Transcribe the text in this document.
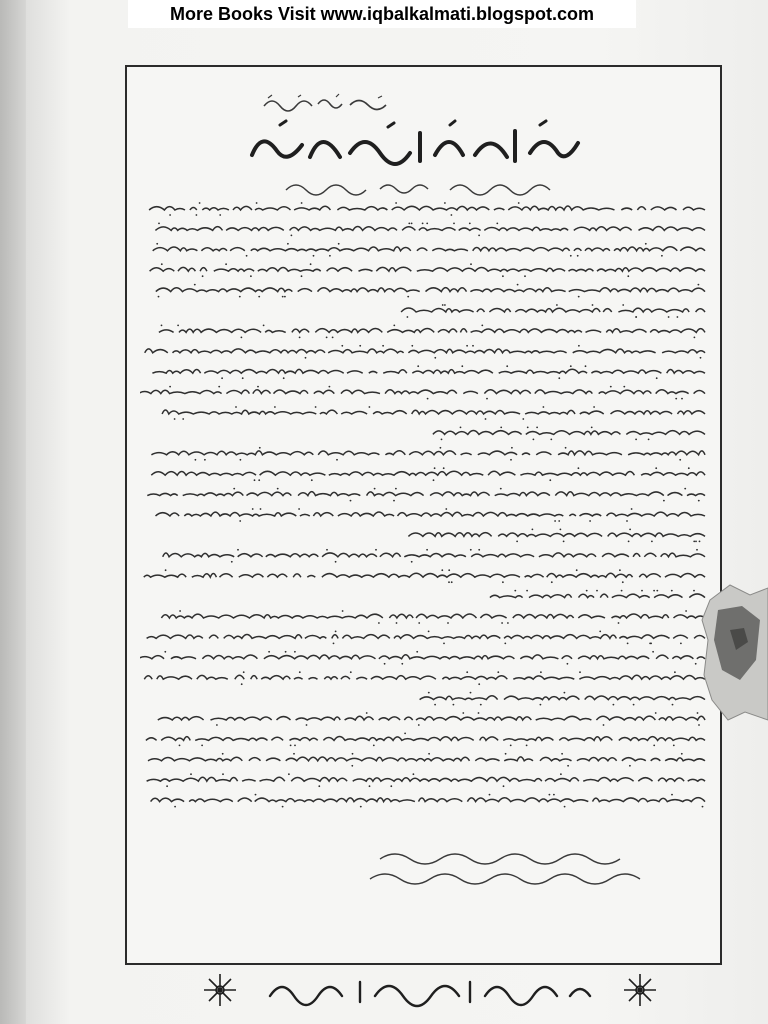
More Books Visit www.iqbalkalmati.blogspot.com
